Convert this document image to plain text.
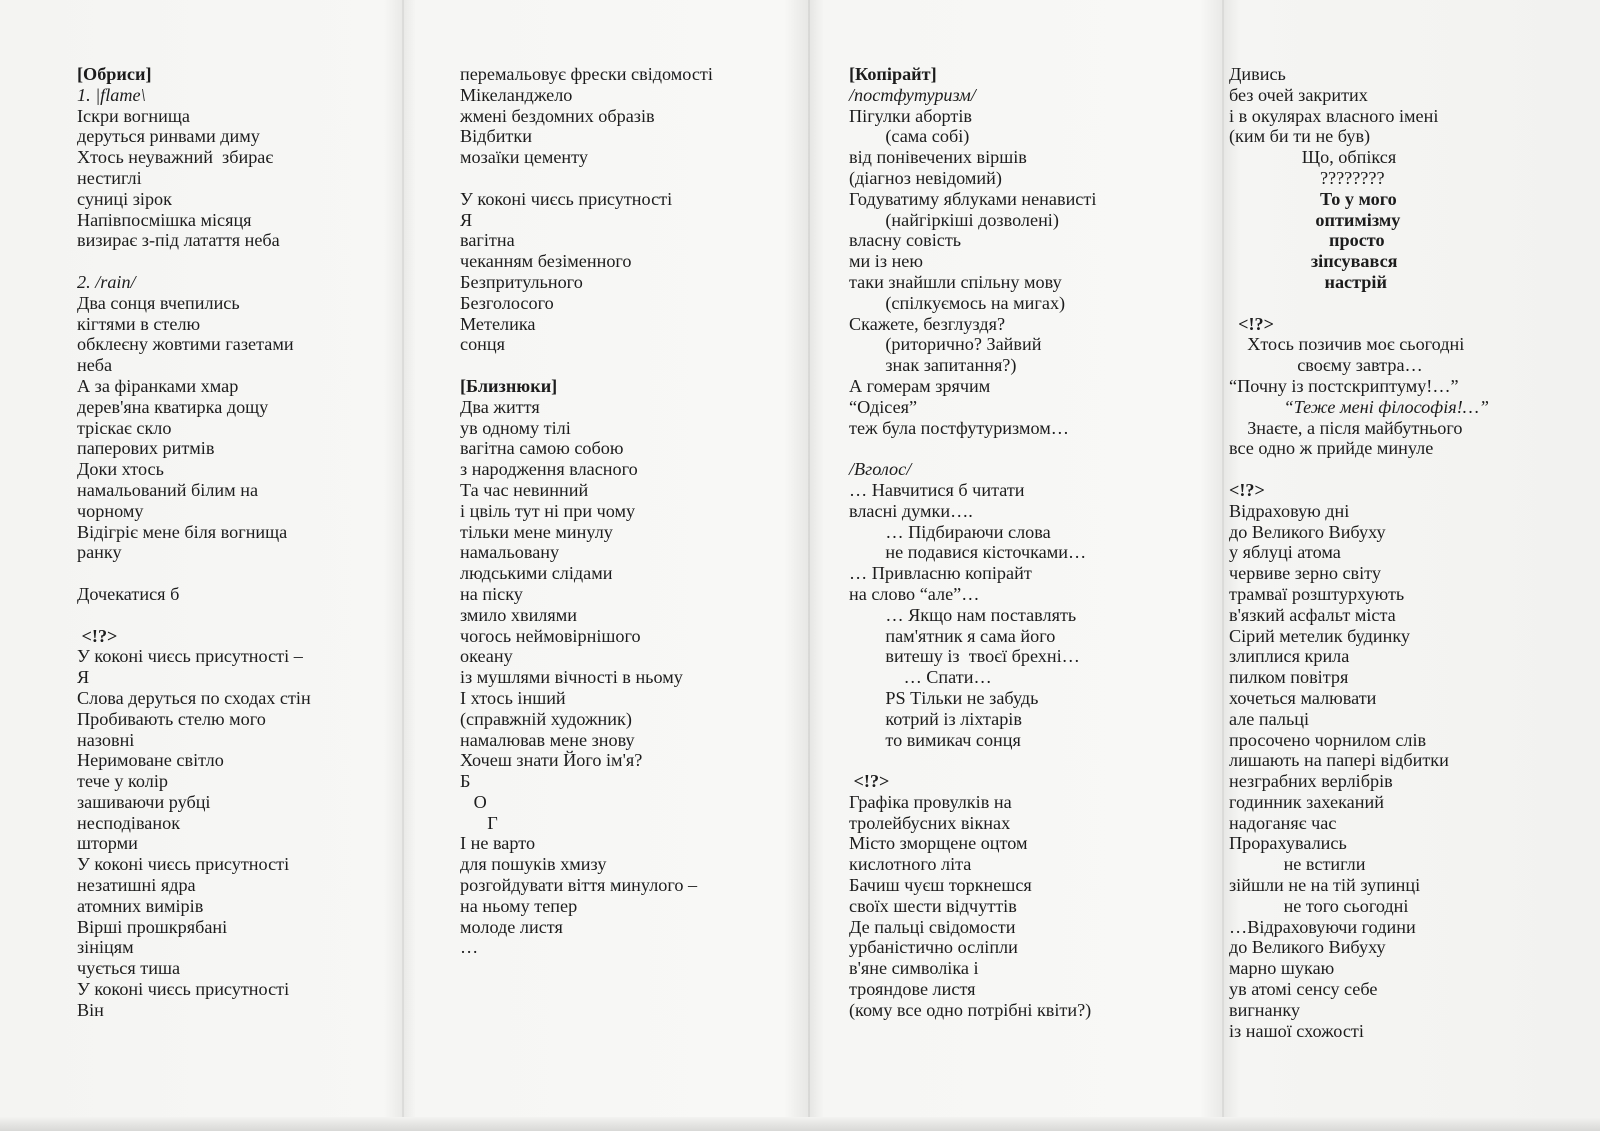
[Обриси]
1. |flame\
Іскри вогнища
деруться ринвами диму
Хтось неуважний  збирає
нестиглі
суниці зірок
Напівпосмішка місяця
визирає з-під латаття неба
2. /rain/
Два сонця вчепились
кігтями в стелю
обклеєну жовтими газетами
неба
А за фіранками хмар
дерев'яна кватирка дощу
тріскає скло
паперових ритмів
Доки хтось
намальований білим на
чорному
Відігріє мене біля вогнища
ранку
Дочекатися б
<!?>
У коконі чиєсь присутності –
Я
Слова деруться по сходах стін
Пробивають стелю мого
назовні
Неримоване світло
тече у колір
зашиваючи рубці
несподіванок
шторми
У коконі чиєсь присутності
незатишні ядра
атомних вимірів
Вірші прошкрябані
зініцям
чується тиша
У коконі чиєсь присутності
Він
перемальовує фрески свідомості
Мікеланджело
жмені бездомних образів
Відбитки
мозаїки цементу
У коконі чиєсь присутності
Я
вагітна
чеканням безіменного
Безпритульного
Безголосого
Метелика
сонця
[Близнюки]
Два життя
ув одному тілі
вагітна самою собою
з народження власного
Та час невинний
і цвіль тут ні при чому
тільки мене минулу
намальовану
людськими слідами
на піску
змило хвилями
чогось неймовірнішого
океану
із мушлями вічності в ньому
І хтось інший
(справжній художник)
намалював мене знову
Хочеш знати Його ім'я?
Б
О
Г
І не варто
для пошуків хмизу
розгойдувати віття минулого –
на ньому тепер
молоде листя
…
[Копірайт]
/постфутуризм/
Пігулки абортів
(сама собі)
від понівечених віршів
(діагноз невідомий)
Годуватиму яблуками ненависті
(найгіркіші дозволені)
власну совість
ми із нею
таки знайшли спільну мову
(спілкуємось на мигах)
Скажете, безглуздя?
(риторично? Зайвий
знак запитання?)
А гомерам зрячим
“Одісея”
теж була постфутуризмом…
/Вголос/
… Навчитися б читати
власні думки….
… Підбираючи слова
не подавися кісточками…
… Привласню копірайт
на слово “але”…
… Якщо нам поставлять
пам'ятник я сама його
витешу із  твоєї брехні…
… Спати…
PS Тільки не забудь
котрий із ліхтарів
то вимикач сонця
<!?>
Графіка провулків на
тролейбусних вікнах
Місто зморщене оцтом
кислотного літа
Бачиш чуєш торкнешся
своїх шести відчуттів
Де пальці свідомости
урбаністично осліпли
в'яне символіка і
трояндове листя
(кому все одно потрібні квіти?)
Дивись
без очей закритих
і в окулярах власного імені
(ким би ти не був)
Що, обпікся
????????
То у мого
оптимізму
просто
зіпсувався
настрій
<!?>
Хтось позичив моє сьогодні
своєму завтра…
“Почну із постскриптуму!…”
“Теже мені філософія!…”
Знаєте, а після майбутнього
все одно ж прийде минуле
<!?>
Відраховую дні
до Великого Вибуху
у яблуці атома
червиве зерно світу
трамваї розштурхують
в'язкий асфальт міста
Сірий метелик будинку
злиплися крила
пилком повітря
хочеться малювати
але пальці
просочено чорнилом слів
лишають на папері відбитки
незграбних верлібрів
годинник захеканий
надоганяє час
Прорахувались
не встигли
зійшли не на тій зупинці
не того сьогодні
…Відраховуючи години
до Великого Вибуху
марно шукаю
ув атомі сенсу себе
вигнанку
із нашої схожості
